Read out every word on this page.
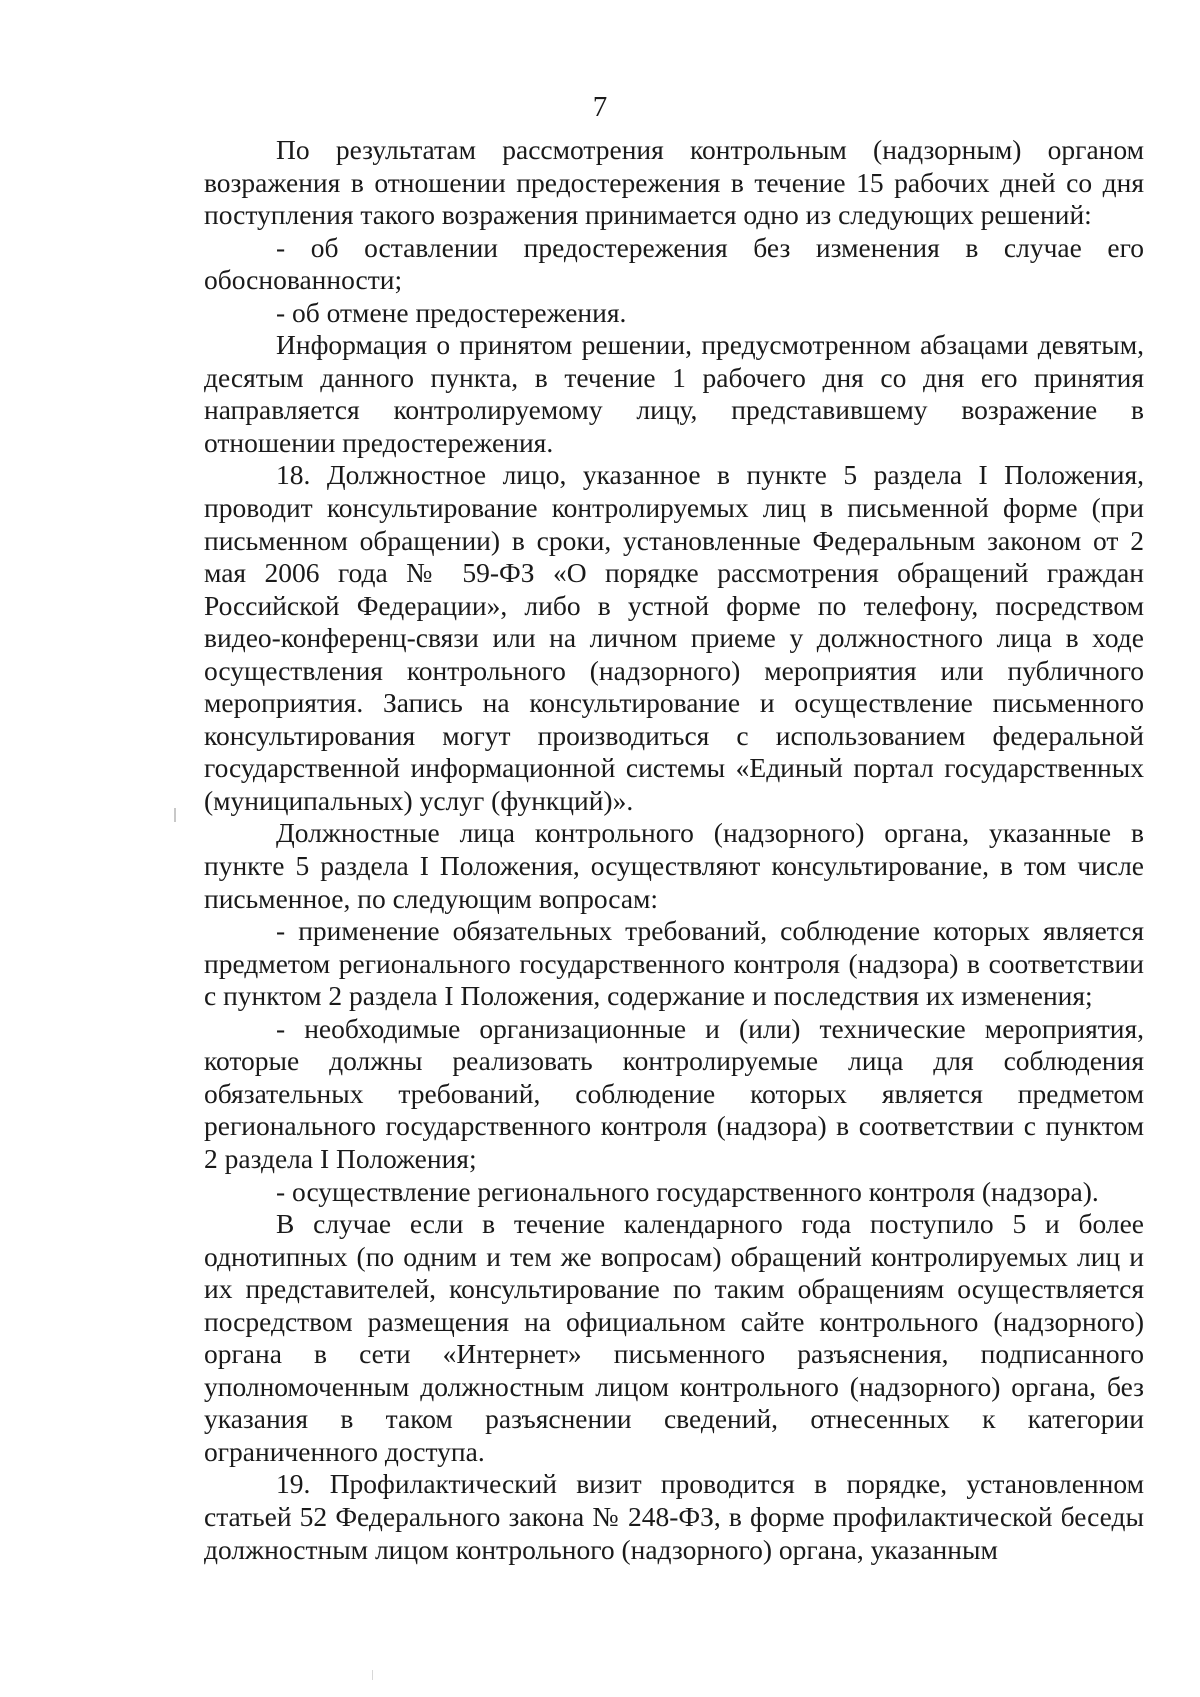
7

По результатам рассмотрения контрольным (надзорным) органом возражения в отношении предостережения в течение 15 рабочих дней со дня поступления такого возражения принимается одно из следующих решений:

- об оставлении предостережения без изменения в случае его обоснованности;

- об отмене предостережения.

Информация о принятом решении, предусмотренном абзацами девятым, десятым данного пункта, в течение 1 рабочего дня со дня его принятия направляется контролируемому лицу, представившему возражение в отношении предостережения.

18. Должностное лицо, указанное в пункте 5 раздела I Положения, проводит консультирование контролируемых лиц в письменной форме (при письменном обращении) в сроки, установленные Федеральным законом от 2 мая 2006 года № 59-ФЗ «О порядке рассмотрения обращений граждан Российской Федерации», либо в устной форме по телефону, посредством видео-конференц-связи или на личном приеме у должностного лица в ходе осуществления контрольного (надзорного) мероприятия или публичного мероприятия. Запись на консультирование и осуществление письменного консультирования могут производиться с использованием федеральной государственной информационной системы «Единый портал государственных (муниципальных) услуг (функций)».

Должностные лица контрольного (надзорного) органа, указанные в пункте 5 раздела I Положения, осуществляют консультирование, в том числе письменное, по следующим вопросам:

- применение обязательных требований, соблюдение которых является предметом регионального государственного контроля (надзора) в соответствии с пунктом 2 раздела I Положения, содержание и последствия их изменения;

- необходимые организационные и (или) технические мероприятия, которые должны реализовать контролируемые лица для соблюдения обязательных требований, соблюдение которых является предметом регионального государственного контроля (надзора) в соответствии с пунктом 2 раздела I Положения;

- осуществление регионального государственного контроля (надзора).

В случае если в течение календарного года поступило 5 и более однотипных (по одним и тем же вопросам) обращений контролируемых лиц и их представителей, консультирование по таким обращениям осуществляется посредством размещения на официальном сайте контрольного (надзорного) органа в сети «Интернет» письменного разъяснения, подписанного уполномоченным должностным лицом контрольного (надзорного) органа, без указания в таком разъяснении сведений, отнесенных к категории ограниченного доступа.

19. Профилактический визит проводится в порядке, установленном статьей 52 Федерального закона № 248-ФЗ, в форме профилактической беседы должностным лицом контрольного (надзорного) органа, указанным
